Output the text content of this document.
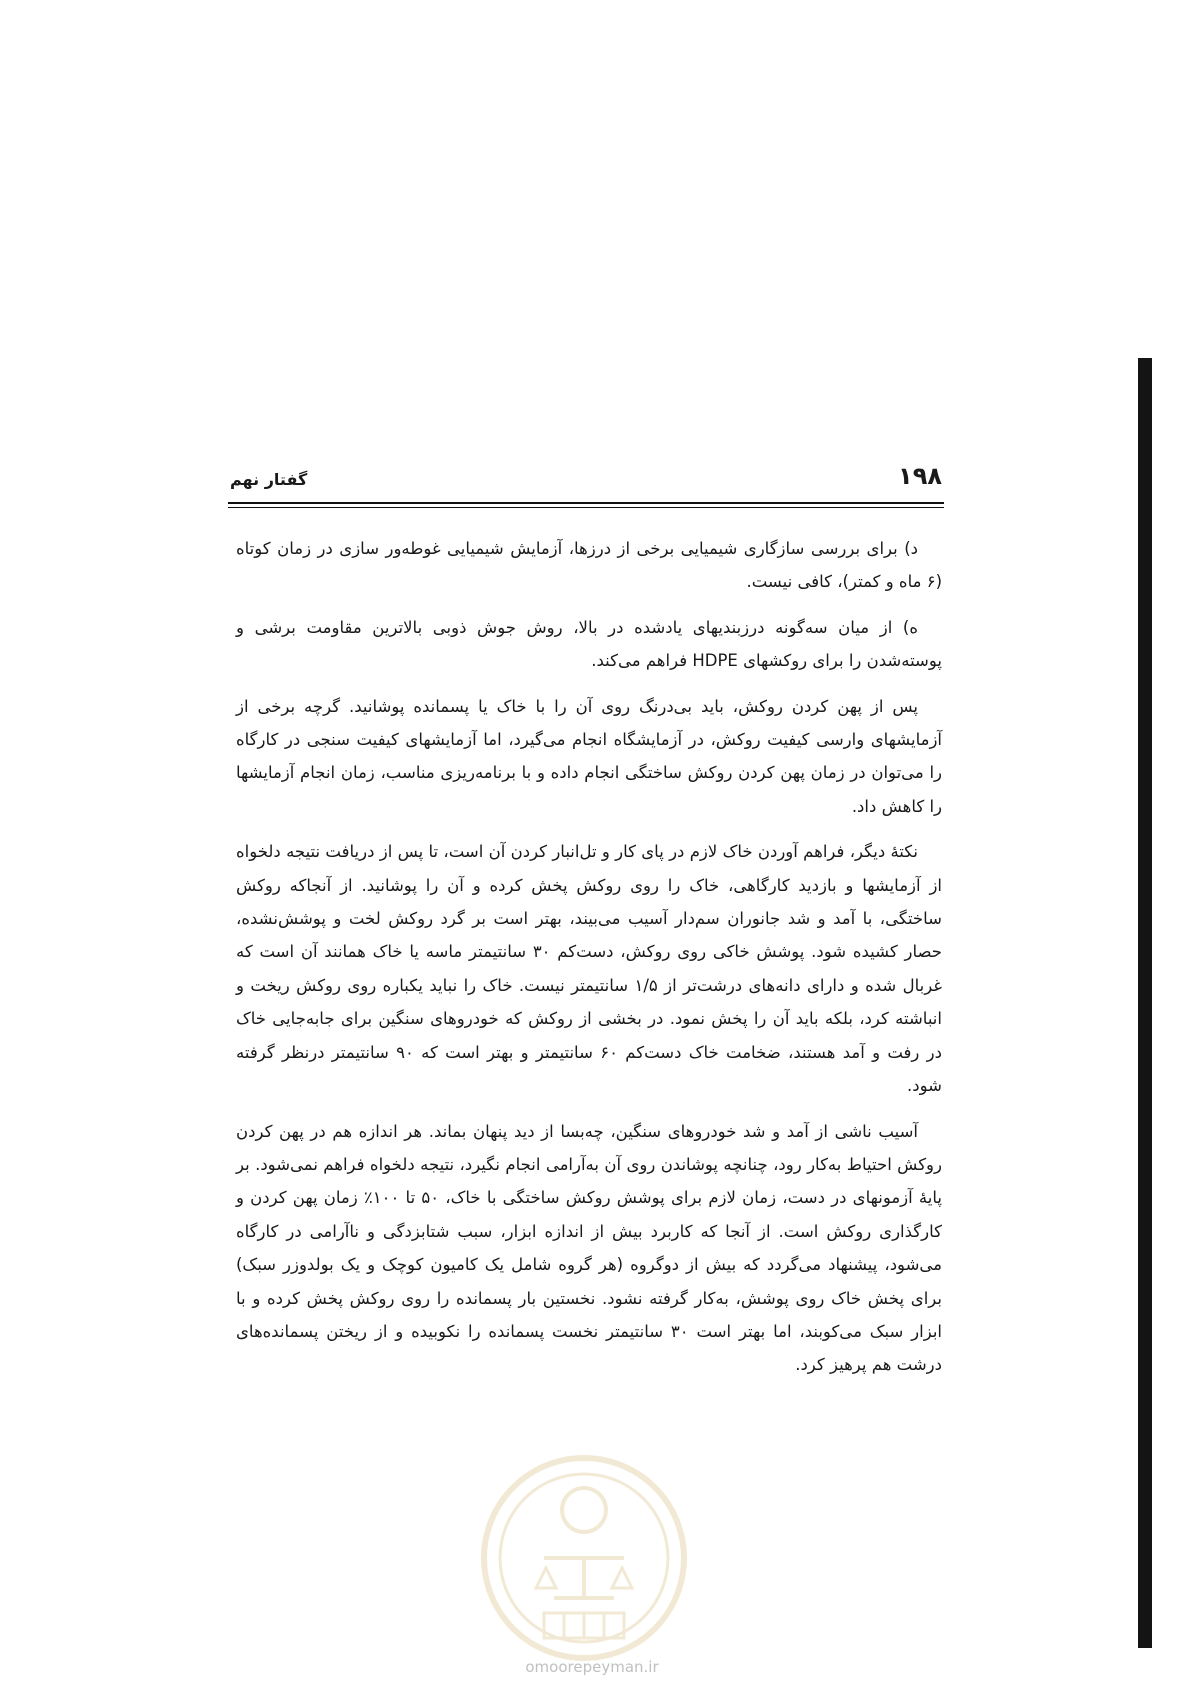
۱۹۸
گفتار نهم

د) برای بررسی سازگاری شیمیایی برخی از درزها، آزمایش شیمیایی غوطه‌ور سازی در زمان کوتاه (۶ ماه و کمتر)، کافی نیست.

ه) از میان سه‌گونه درزبندیهای یادشده در بالا، روش جوش ذوبی بالاترین مقاومت برشی و پوسته‌شدن را برای روکشهای HDPE فراهم می‌کند.

پس از پهن کردن روکش، باید بی‌درنگ روی آن را با خاک یا پسمانده پوشانید. گرچه برخی از آزمایشهای وارسی کیفیت روکش، در آزمایشگاه انجام می‌گیرد، اما آزمایشهای کیفیت سنجی در کارگاه را می‌توان در زمان پهن کردن روکش ساختگی انجام داده و با برنامه‌ریزی مناسب، زمان انجام آزمایشها را کاهش داد.

نکتهٔ دیگر، فراهم آوردن خاک لازم در پای کار و تل‌انبار کردن آن است، تا پس از دریافت نتیجه دلخواه از آزمایشها و بازدید کارگاهی، خاک را روی روکش پخش کرده و آن را پوشانید. از آنجاکه روکش ساختگی، با آمد و شد جانوران سم‌دار آسیب می‌بیند، بهتر است بر گرد روکش لخت و پوشش‌نشده، حصار کشیده شود. پوشش خاکی روی روکش، دست‌کم ۳۰ سانتیمتر ماسه یا خاک همانند آن است که غربال شده و دارای دانه‌های درشت‌تر از ۱/۵ سانتیمتر نیست. خاک را نباید یکباره روی روکش ریخت و انباشته کرد، بلکه باید آن را پخش نمود. در بخشی از روکش که خودروهای سنگین برای جابه‌جایی خاک در رفت و آمد هستند، ضخامت خاک دست‌کم ۶۰ سانتیمتر و بهتر است که ۹۰ سانتیمتر درنظر گرفته شود.

آسیب ناشی از آمد و شد خودروهای سنگین، چه‌بسا از دید پنهان بماند. هر اندازه هم در پهن کردن روکش احتیاط به‌کار رود، چنانچه پوشاندن روی آن به‌آرامی انجام نگیرد، نتیجه دلخواه فراهم نمی‌شود. بر پایهٔ آزمونهای در دست، زمان لازم برای پوشش روکش ساختگی با خاک، ۵۰ تا ۱۰۰٪ زمان پهن کردن و کارگذاری روکش است. از آنجا که کاربرد بیش از اندازه ابزار، سبب شتابزدگی و ناآرامی در کارگاه می‌شود، پیشنهاد می‌گردد که بیش از دوگروه (هر گروه شامل یک کامیون کوچک و یک بولدوزر سبک) برای پخش خاک روی پوشش، به‌کار گرفته نشود. نخستین بار پسمانده را روی روکش پخش کرده و با ابزار سبک می‌کوبند، اما بهتر است ۳۰ سانتیمتر نخست پسمانده را نکوبیده و از ریختن پسمانده‌های درشت هم پرهیز کرد.

omoorepeyman.ir
